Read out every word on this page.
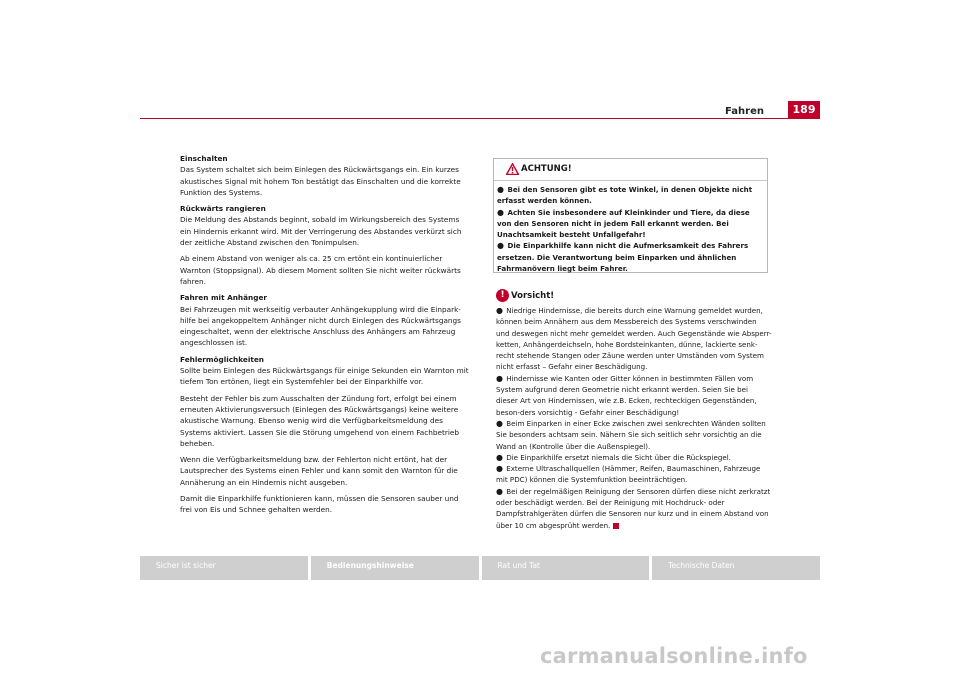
Fahren	189
Einschalten

Das System schaltet sich beim Einlegen des Rückwärtsgangs ein. Ein kurzes akustisches Signal mit hohem Ton bestätigt das Einschalten und die korrekte Funktion des Systems.

Rückwärts rangieren

Die Meldung des Abstands beginnt, sobald im Wirkungsbereich des Systems ein Hindernis erkannt wird. Mit der Verringerung des Abstandes verkürzt sich der zeitliche Abstand zwischen den Tonimpulsen.

Ab einem Abstand von weniger als ca. 25 cm ertönt ein kontinuierlicher Warnton (Stoppsignal). Ab diesem Moment sollten Sie nicht weiter rückwärts fahren.

Fahren mit Anhänger

Bei Fahrzeugen mit werkseitig verbauter Anhängekupplung wird die Einpark-hilfe bei angekoppeltem Anhänger nicht durch Einlegen des Rückwärtsgangs eingeschaltet, wenn der elektrische Anschluss des Anhängers am Fahrzeug angeschlossen ist.

Fehlermöglichkeiten

Sollte beim Einlegen des Rückwärtsgangs für einige Sekunden ein Warnton mit tiefem Ton ertönen, liegt ein Systemfehler bei der Einparkhilfe vor.

Besteht der Fehler bis zum Ausschalten der Zündung fort, erfolgt bei einem erneuten Aktivierungsversuch (Einlegen des Rückwärtsgangs) keine weitere akustische Warnung. Ebenso wenig wird die Verfügbarkeitsmeldung des Systems aktiviert. Lassen Sie die Störung umgehend von einem Fachbetrieb beheben.

Wenn die Verfügbarkeitsmeldung bzw. der Fehlerton nicht ertönt, hat der Lautsprecher des Systems einen Fehler und kann somit den Warnton für die Annäherung an ein Hindernis nicht ausgeben.

Damit die Einparkhilfe funktionieren kann, müssen die Sensoren sauber und frei von Eis und Schnee gehalten werden.

ACHTUNG!
● Bei den Sensoren gibt es tote Winkel, in denen Objekte nicht erfasst werden können.
● Achten Sie insbesondere auf Kleinkinder und Tiere, da diese von den Sensoren nicht in jedem Fall erkannt werden. Bei Unachtsamkeit besteht Unfallgefahr!
● Die Einparkhilfe kann nicht die Aufmerksamkeit des Fahrers ersetzen. Die Verantwortung beim Einparken und ähnlichen Fahrmanövern liegt beim Fahrer.
! Vorsicht!
● Niedrige Hindernisse, die bereits durch eine Warnung gemeldet wurden, können beim Annähern aus dem Messbereich des Systems verschwinden und deswegen nicht mehr gemeldet werden. Auch Gegenstände wie Absperr-ketten, Anhängerdeichseln, hohe Bordsteinkanten, dünne, lackierte senk-recht stehende Stangen oder Zäune werden unter Umständen vom System nicht erfasst – Gefahr einer Beschädigung.
● Hindernisse wie Kanten oder Gitter können in bestimmten Fällen vom System aufgrund deren Geometrie nicht erkannt werden. Seien Sie bei dieser Art von Hindernissen, wie z.B. Ecken, rechteckigen Gegenständen, beson-ders vorsichtig - Gefahr einer Beschädigung!
● Beim Einparken in einer Ecke zwischen zwei senkrechten Wänden sollten Sie besonders achtsam sein. Nähern Sie sich seitlich sehr vorsichtig an die Wand an (Kontrolle über die Außenspiegel).
● Die Einparkhilfe ersetzt niemals die Sicht über die Rückspiegel.
● Externe Ultraschallquellen (Hämmer, Reifen, Baumaschinen, Fahrzeuge mit PDC) können die Systemfunktion beeinträchtigen.
● Bei der regelmäßigen Reinigung der Sensoren dürfen diese nicht zerkratzt oder beschädigt werden. Bei der Reinigung mit Hochdruck- oder Dampfstrahlgeräten dürfen die Sensoren nur kurz und in einem Abstand von über 10 cm abgesprüht werden.
Sicher ist sicher	Bedienungshinweise	Rat und Tat	Technische Daten
carmanualsonline.info
